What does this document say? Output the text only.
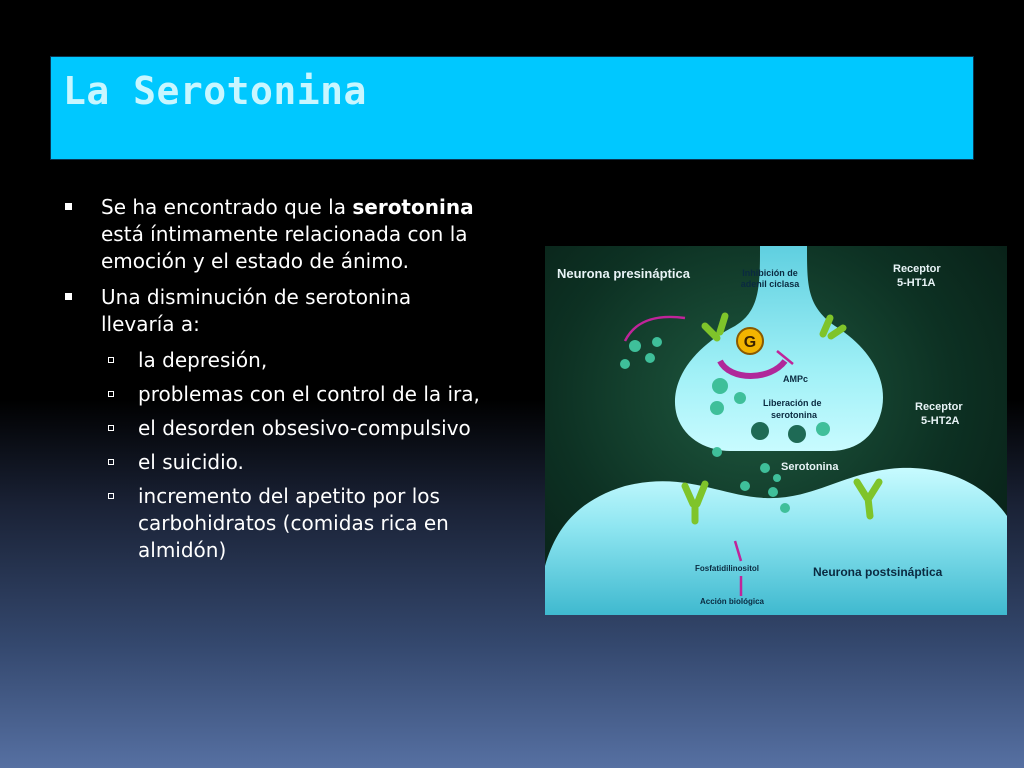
La Serotonina
Se ha encontrado que la serotonina está íntimamente relacionada con la emoción y el estado de ánimo.
Una disminución de serotonina llevaría a:
la depresión,
problemas con el control de la ira,
el desorden obsesivo-compulsivo
el suicidio.
incremento del apetito por los carbohidratos (comidas rica en almidón)
G
Neurona presináptica	Inhibición de
adenil ciclasa
Receptor
5-HT1A
AMPc
Liberación de
serotonina
Receptor
5-HT2A
Serotonina
Fosfatidilinositol	Neurona postsináptica
Acción biológica
